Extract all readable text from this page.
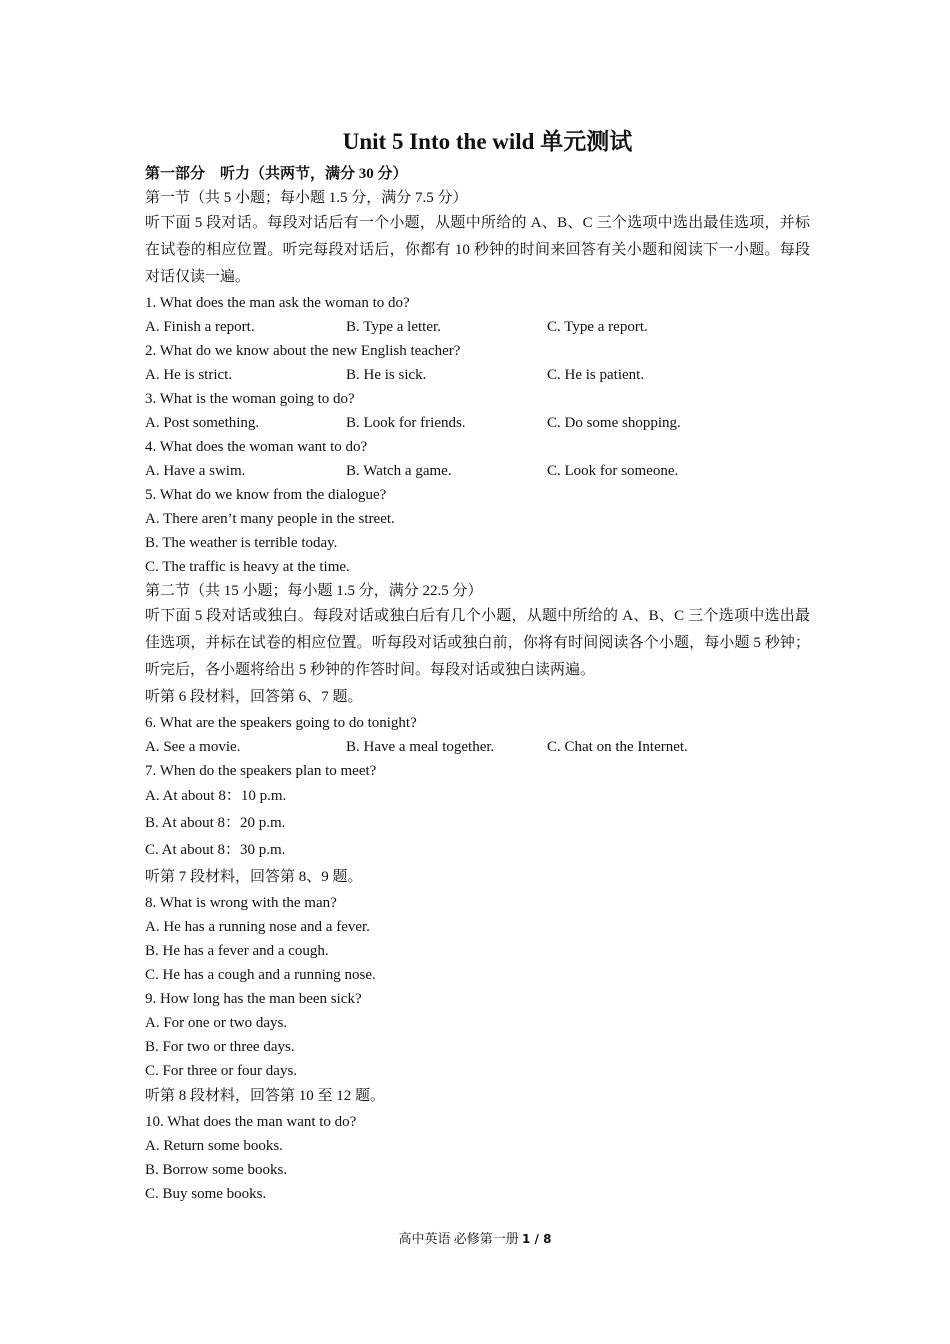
Unit 5 Into the wild 单元测试
第一部分　听力（共两节，满分 30 分）
第一节（共 5 小题；每小题 1.5 分，满分 7.5 分）

听下面 5 段对话。每段对话后有一个小题，从题中所给的 A、B、C 三个选项中选出最佳选项，并标在试卷的相应位置。听完每段对话后，你都有 10 秒钟的时间来回答有关小题和阅读下一小题。每段对话仅读一遍。

1. What does the man ask the woman to do?
A. Finish a report.	B. Type a letter.	C. Type a report.
2. What do we know about the new English teacher?
A. He is strict.	B. He is sick.	C. He is patient.
3. What is the woman going to do?
A. Post something.	B. Look for friends.	C. Do some shopping.
4. What does the woman want to do?
A. Have a swim.	B. Watch a game.	C. Look for someone.
5. What do we know from the dialogue?
A. There aren’t many people in the street.
B. The weather is terrible today.
C. The traffic is heavy at the time.
第二节（共 15 小题；每小题 1.5 分，满分 22.5 分）

听下面 5 段对话或独白。每段对话或独白后有几个小题，从题中所给的 A、B、C 三个选项中选出最佳选项，并标在试卷的相应位置。听每段对话或独白前，你将有时间阅读各个小题，每小题 5 秒钟；听完后，各小题将给出 5 秒钟的作答时间。每段对话或独白读两遍。

听第 6 段材料，回答第 6、7 题。
6. What are the speakers going to do tonight?
A. See a movie.	B. Have a meal together.	C. Chat on the Internet.
7. When do the speakers plan to meet?
A. At about 8：10 p.m.
B. At about 8：20 p.m.
C. At about 8：30 p.m.
听第 7 段材料，回答第 8、9 题。
8. What is wrong with the man?
A. He has a running nose and a fever.
B. He has a fever and a cough.
C. He has a cough and a running nose.
9. How long has the man been sick?
A. For one or two days.
B. For two or three days.
C. For three or four days.
听第 8 段材料，回答第 10 至 12 题。
10. What does the man want to do?
A. Return some books.
B. Borrow some books.
C. Buy some books.
高中英语 必修第一册 1 / 8
